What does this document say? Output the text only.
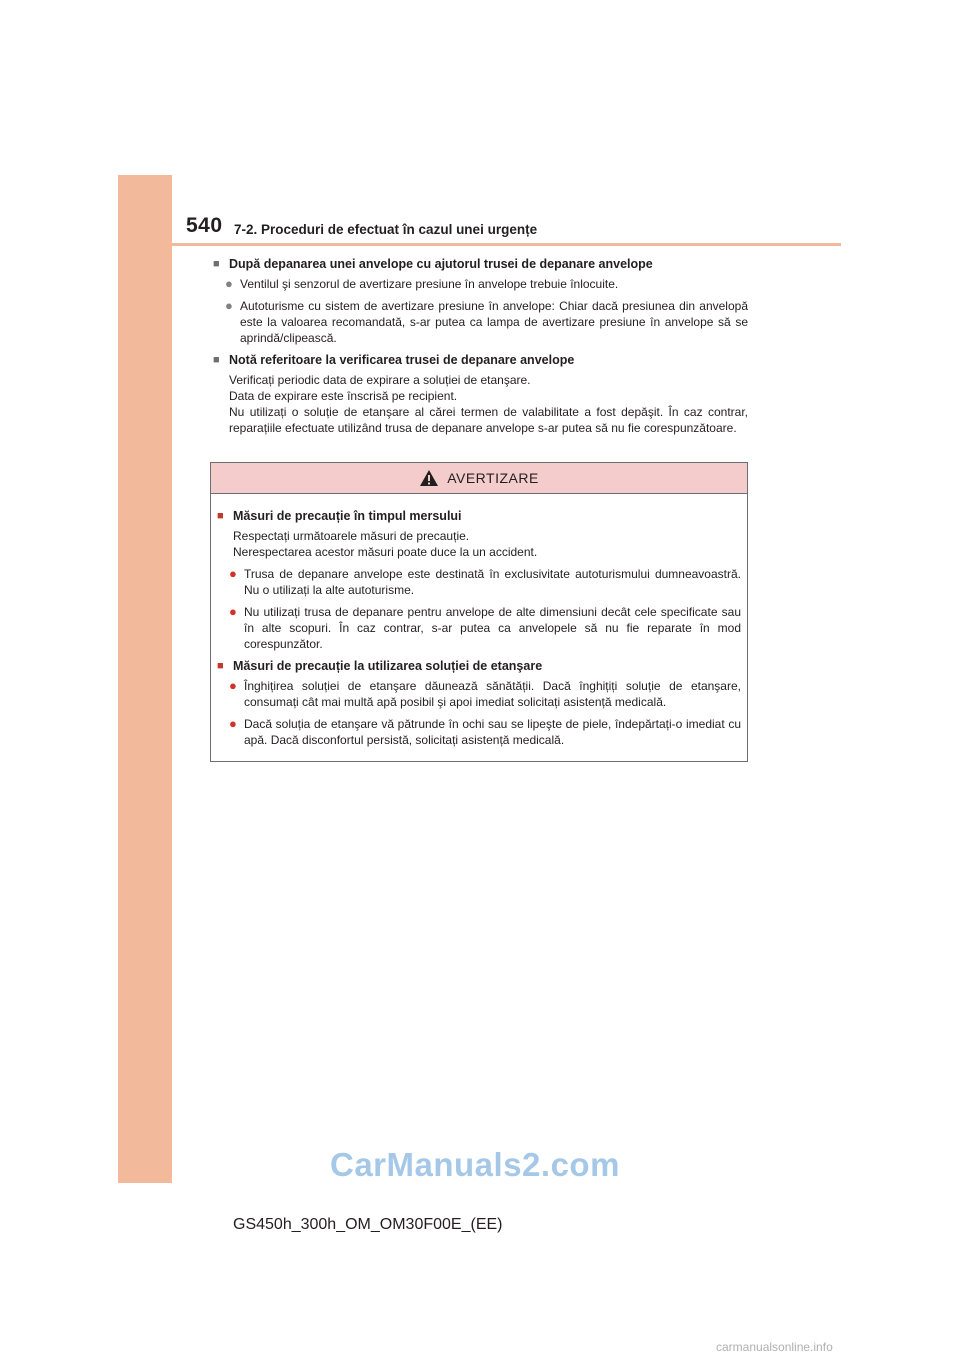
540 7-2. Proceduri de efectuat în cazul unei urgențe
■ După depanarea unei anvelope cu ajutorul trusei de depanare anvelope
● Ventilul şi senzorul de avertizare presiune în anvelope trebuie înlocuite.
● Autoturisme cu sistem de avertizare presiune în anvelope: Chiar dacă presiunea din anvelopă este la valoarea recomandată, s-ar putea ca lampa de avertizare presiune în anvelope să se aprindă/clipească.
■ Notă referitoare la verificarea trusei de depanare anvelope
Verificați periodic data de expirare a soluției de etanşare.
Data de expirare este înscrisă pe recipient.
Nu utilizați o soluție de etanşare al cărei termen de valabilitate a fost depăşit. În caz contrar, reparațiile efectuate utilizând trusa de depanare anvelope s-ar putea să nu fie corespunzătoare.
AVERTIZARE
■ Măsuri de precauție în timpul mersului
Respectați următoarele măsuri de precauție.
Nerespectarea acestor măsuri poate duce la un accident.
● Trusa de depanare anvelope este destinată în exclusivitate autoturismului dumneavoastră. Nu o utilizați la alte autoturisme.
● Nu utilizați trusa de depanare pentru anvelope de alte dimensiuni decât cele specificate sau în alte scopuri. În caz contrar, s-ar putea ca anvelopele să nu fie reparate în mod corespunzător.
■ Măsuri de precauție la utilizarea soluției de etanşare
● Înghițirea soluției de etanşare dăunează sănătății. Dacă înghițiți soluție de etanşare, consumați cât mai multă apă posibil şi apoi imediat solicitați asistență medicală.
● Dacă soluția de etanşare vă pătrunde în ochi sau se lipeşte de piele, îndepărtați-o imediat cu apă. Dacă disconfortul persistă, solicitați asistență medicală.
CarManuals2.com
GS450h_300h_OM_OM30F00E_(EE)
carmanualsonline.info
